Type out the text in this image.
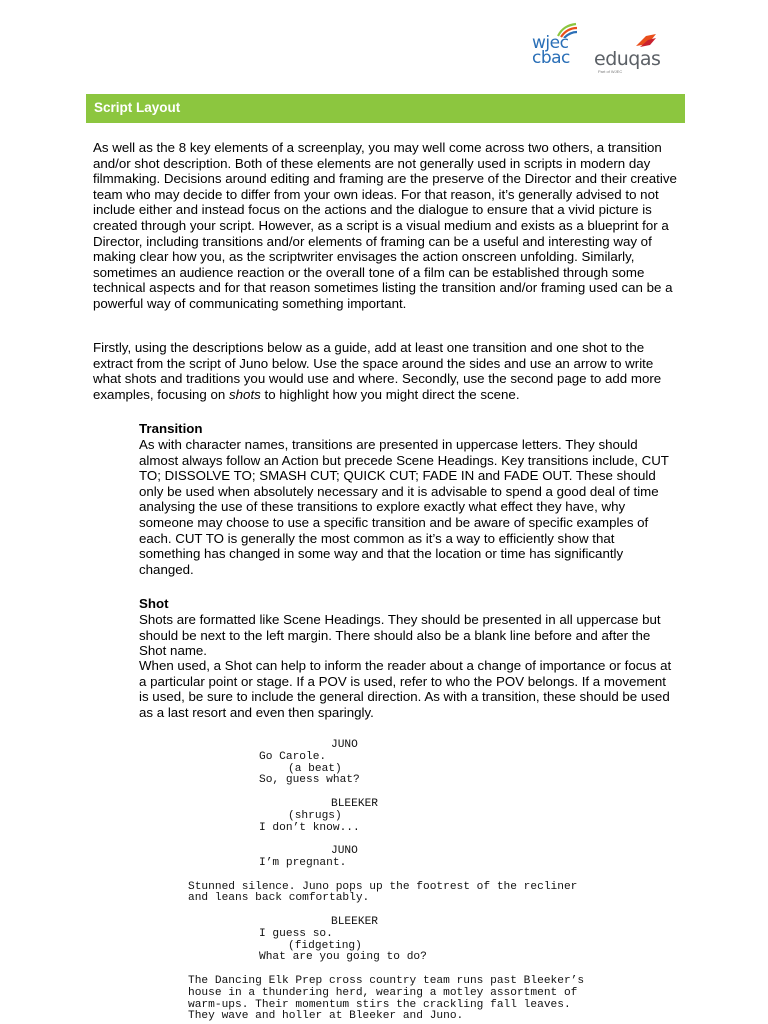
wjec
cbac eduqas
Part of WJEC
Script Layout

As well as the 8 key elements of a screenplay, you may well come across two others, a transition and/or shot description. Both of these elements are not generally used in scripts in modern day filmmaking. Decisions around editing and framing are the preserve of the Director and their creative team who may decide to differ from your own ideas. For that reason, it’s generally advised to not include either and instead focus on the actions and the dialogue to ensure that a vivid picture is created through your script. However, as a script is a visual medium and exists as a blueprint for a Director, including transitions and/or elements of framing can be a useful and interesting way of making clear how you, as the scriptwriter envisages the action onscreen unfolding. Similarly, sometimes an audience reaction or the overall tone of a film can be established through some technical aspects and for that reason sometimes listing the transition and/or framing used can be a powerful way of communicating something important.

Firstly, using the descriptions below as a guide, add at least one transition and one shot to the extract from the script of Juno below. Use the space around the sides and use an arrow to write what shots and traditions you would use and where. Secondly, use the second page to add more examples, focusing on shots to highlight how you might direct the scene.

Transition

As with character names, transitions are presented in uppercase letters. They should almost always follow an Action but precede Scene Headings. Key transitions include, CUT TO; DISSOLVE TO; SMASH CUT; QUICK CUT; FADE IN and FADE OUT. These should only be used when absolutely necessary and it is advisable to spend a good deal of time analysing the use of these transitions to explore exactly what effect they have, why someone may choose to use a specific transition and be aware of specific examples of each. CUT TO is generally the most common as it’s a way to efficiently show that something has changed in some way and that the location or time has significantly changed.

Shot

Shots are formatted like Scene Headings. They should be presented in all uppercase but should be next to the left margin. There should also be a blank line before and after the Shot name.

When used, a Shot can help to inform the reader about a change of importance or focus at a particular point or stage. If a POV is used, refer to who the POV belongs. If a movement is used, be sure to include the general direction. As with a transition, these should be used as a last resort and even then sparingly.

JUNO
Go Carole.
(a beat)
So, guess what?
BLEEKER
(shrugs)
I don’t know...
JUNO
I’m pregnant.
Stunned silence. Juno pops up the footrest of the recliner
and leans back comfortably.
BLEEKER
I guess so.
(fidgeting)
What are you going to do?
The Dancing Elk Prep cross country team runs past Bleeker’s
house in a thundering herd, wearing a motley assortment of
warm-ups. Their momentum stirs the crackling fall leaves.
They wave and holler at Bleeker and Juno.
